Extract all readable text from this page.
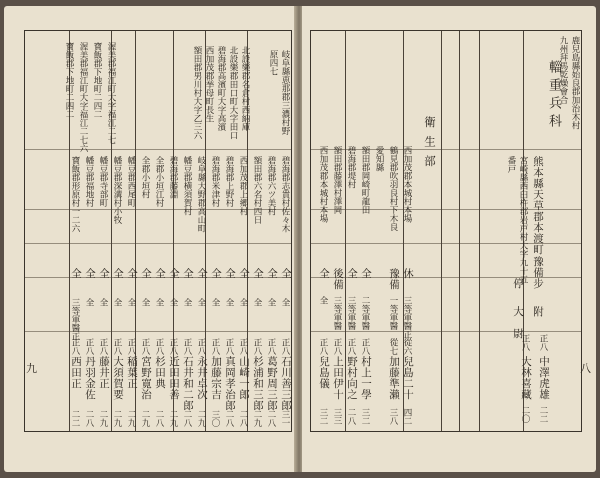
九
岐阜縣恵那郡三濃村野
原四七
北設樂郡名倉村西納庫
北設樂郡田口町大字田口
碧海郡高濱町大字高濱
西加茂郡挙母町長生
額田郡男川村大字乙三六
渥美郡福江町大字福江二七
寶飯郡下地町二四二
渥美郡福江町大字福江二七六
寶飯郡下地町二四二
碧海郡志貴村佐々木
全
全
正八
石川善三郎
三一
碧海郡六ツ美村
全
全
正八
葛野周三郎
二八
額田郡六名村四日
全
全
正八
杉浦和三郎
二九
西加茂郡上郷村
全
全
正八
山崎一郎
二八
碧海郡上野村
全
全
正八
真岡孝治郎
二八
碧海郡米津村
全
全
正八
加藤宗吉
三〇
岐阜縣大野郡高山町
全
全
正八
永井卓次
二九
幡豆郡横須賀村
全
全
正八
石井和二郎
二八
碧海郡藤淵
全
全
正八
近田田善
二九
全郡小垣江村
全
全
正八
杉田典
二八
全郡小垣村
全
全
正八
宮野寛治
二九
幡豆郡西尾町
全
全
正八
稲葉正
二九
幡豆郡深溝村小牧
全
全
正八
大須賀要
二九
幡豆郡寺部町
全
全
正八
藤井正
二九
幡豆郡福地村
全
全
正八
丹羽金佐
二八
寶飯郡形原村一二六
全
三等軍醫正
正八
西田正
二二
輜重兵科
衛生部
八
鹿兒島縣始良郡加治木村
九州拜馬乾燥會合
熊本縣天草郡本渡町
宮崎縣西臼杵郡岩戸村大字九十五
番戸
豫備步
附
停
大
尉
正八
中澤虎雄
正八
大林喜藏
二二
二〇
西加茂郡本城村本場
休
三等軍醫正
從六
兒島二十
四二
鶴見郡吹羽良村下木良
豫備
一等軍醫
從七
加藤準瀨
三八
愛知縣
額田郡岡崎町龍田
全
二等軍醫
正八
村上一學
三二
碧海郡堤村
全
三等軍醫
正八
野村向之
二八
額田郡藤澤村澤岡
後備
三等軍醫
正八
上田伊十
三三
西加茂郡本城村本場
全
全
正八
兒島儀
三二
